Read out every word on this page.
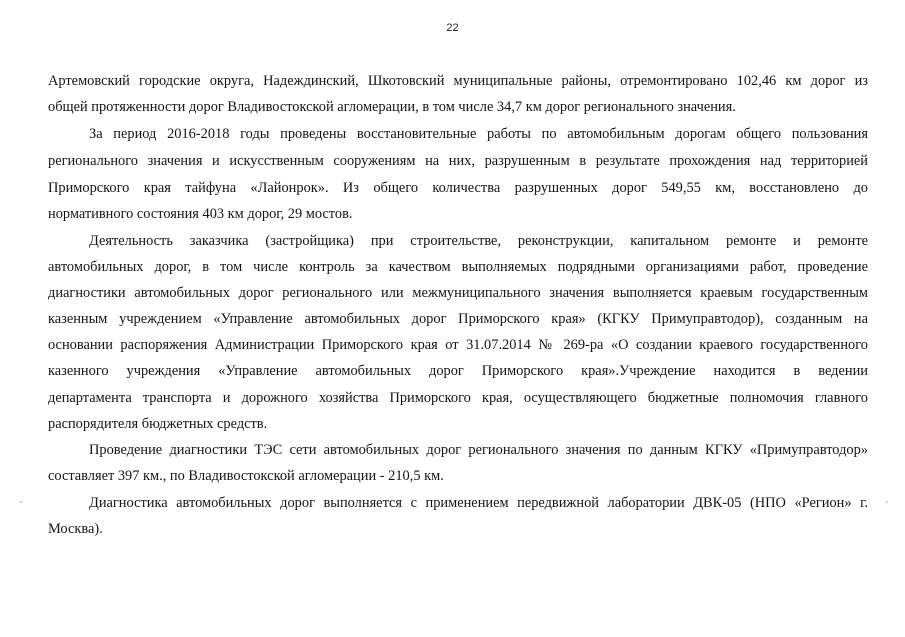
22
Артемовский городские округа, Надеждинский, Шкотовский муниципальные районы, отремонтировано 102,46 км дорог из
общей протяженности дорог Владивостокской агломерации, в том числе 34,7 км дорог регионального значения.
За период 2016-2018 годы проведены восстановительные работы по автомобильным дорогам общего пользования
регионального значения и искусственным сооружениям на них, разрушенным в результате прохождения над территорией
Приморского края тайфуна «Лайонрок». Из общего количества разрушенных дорог 549,55 км, восстановлено до
нормативного состояния 403 км дорог, 29 мостов.
Деятельность заказчика (застройщика) при строительстве, реконструкции, капитальном ремонте и ремонте
автомобильных дорог, в том числе контроль за качеством выполняемых подрядными организациями работ, проведение
диагностики автомобильных дорог регионального или межмуниципального значения выполняется краевым государственным
казенным учреждением «Управление автомобильных дорог Приморского края» (КГКУ Примуправтодор), созданным на
основании распоряжения Администрации Приморского края от 31.07.2014 № 269-ра «О создании краевого государственного
казенного учреждения «Управление автомобильных дорог Приморского края».Учреждение находится в ведении
департамента транспорта и дорожного хозяйства Приморского края, осуществляющего бюджетные полномочия главного
распорядителя бюджетных средств.
Проведение диагностики ТЭС сети автомобильных дорог регионального значения по данным КГКУ «Примуправтодор»
составляет 397 км., по Владивостокской агломерации - 210,5 км.
Диагностика автомобильных дорог выполняется с применением передвижной лаборатории ДВК-05 (НПО «Регион» г.
Москва).
